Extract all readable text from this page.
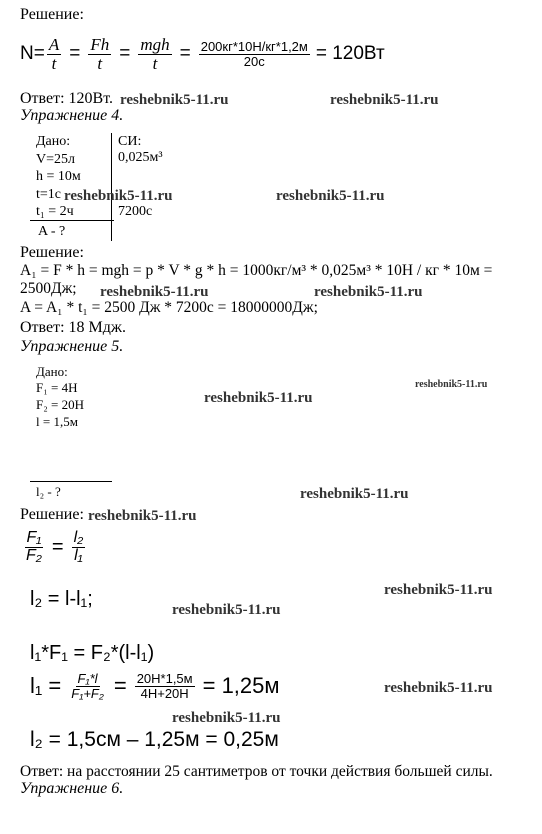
Решение:
$N= \frac{A}{t} = \frac{Fh}{t} = \frac{\text{mgh}}{t} = \frac{200кг*10Н/кг*1,2м}{20с} = 120Вт$
Ответ: 120Вт.
Упражнение 4.
Дано:	СИ:
V=25л	0,025м³
h = 10м
t=1с
t₁ = 2ч	7200с
A - ?
Решение:
A₁ = F * h = mgh = p * V * g * h = 1000кг/м³ * 0,025м³ * 10Н / кг * 10м =
2500Дж;
A = A₁ * t₁ = 2500 Дж * 7200с = 18000000Дж;
Ответ: 18 Мдж.
Упражнение 5.
Дано:
F₁ = 4Н
F₂ = 20Н
l = 1,5м
l₂ - ?
Решение:
$\frac{\text{F₁}}{\text{F₂}} = \frac{\text{l₂}}{\text{l₁}}$
l₂ = l-l₁;
l₁*F₁ = F₂*(l-l₁)
$l_1 = \frac{\text{F₁*l}}{\text{F₁+F₂}} = \frac{20Н*1,5м}{4Н+20Н} = 1,25м$
l₂ = 1,5см – 1,25м = 0,25м
Ответ: на расстоянии 25 сантиметров от точки действия большей силы.
Упражнение 6.
reshebnik5-11.ru	reshebnik5-11.ru
reshebnik5-11.ru	reshebnik5-11.ru
reshebnik5-11.ru	reshebnik5-11.ru
reshebnik5-11.ru
reshebnik5-11.ru
reshebnik5-11.ru
reshebnik5-11.ru
reshebnik5-11.ru
reshebnik5-11.ru
reshebnik5-11.ru
reshebnik5-11.ru
